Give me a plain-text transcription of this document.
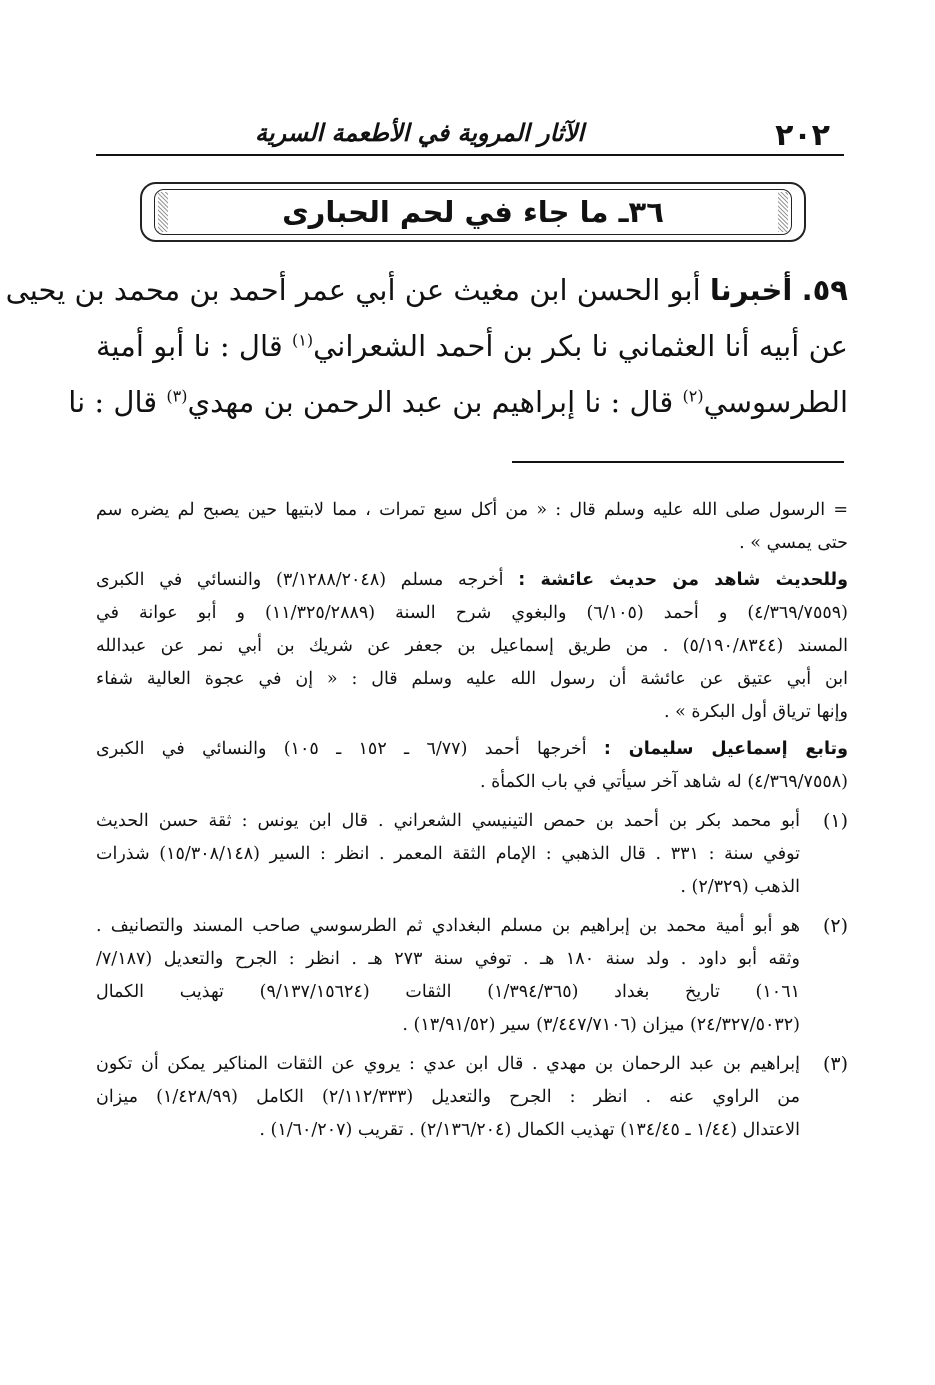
٢٠٢
الآثار المروية في الأطعمة السرية
٣٦ـ ما جاء في لحم الحبارى
٥٩. أخبرنا أبو الحسن ابن مغيث عن أبي عمر أحمد بن محمد بن يحيى
عن أبيه أنا العثماني نا بكر بن أحمد الشعراني$^{(١)}$ قال : نا أبو أمية
الطرسوسي$^{(٢)}$ قال : نا إبراهيم بن عبد الرحمن بن مهدي$^{(٣)}$ قال : نا
= الرسول صلى الله عليه وسلم قال : « من أكل سبع تمرات ، مما لابتيها حين يصبح لم يضره سم
حتى يمسي » .
وللحديث شاهد من حديث عائشة : أخرجه مسلم (٣/١٢٨٨/٢٠٤٨) والنسائي في الكبرى
(٤/٣٦٩/٧٥٥٩) و أحمد (٦/١٠٥) والبغوي شرح السنة (١١/٣٢٥/٢٨٨٩) و أبو عوانة في
المسند (٥/١٩٠/٨٣٤٤) . من طريق إسماعيل بن جعفر عن شريك بن أبي نمر عن عبدالله
ابن أبي عتيق عن عائشة أن رسول الله عليه وسلم قال : « إن في عجوة العالية شفاء
وإنها ترياق أول البكرة » .
وتابع إسماعيل سليمان : أخرجها أحمد (٦/٧٧ ـ ١٥٢ ـ ١٠٥) والنسائي في الكبرى
(٤/٣٦٩/٧٥٥٨) له شاهد آخر سيأتي في باب الكمأة .
(١)
أبو محمد بكر بن أحمد بن حمص التينيسي الشعراني . قال ابن يونس : ثقة حسن الحديث
توفي سنة : ٣٣١ . قال الذهبي : الإمام الثقة المعمر . انظر : السير (١٥/٣٠٨/١٤٨) شذرات
الذهب (٢/٣٢٩) .
(٢)
هو أبو أمية محمد بن إبراهيم بن مسلم البغدادي ثم الطرسوسي صاحب المسند والتصانيف .
وثقه أبو داود . ولد سنة ١٨٠ هـ . توفي سنة ٢٧٣ هـ . انظر : الجرح والتعديل (٧/١٨٧/
١٠٦١) تاريخ بغداد (١/٣٩٤/٣٦٥) الثقات (٩/١٣٧/١٥٦٢٤) تهذيب الكمال
(٢٤/٣٢٧/٥٠٣٢) ميزان (٣/٤٤٧/٧١٠٦) سير (١٣/٩١/٥٢) .
(٣)
إبراهيم بن عبد الرحمان بن مهدي . قال ابن عدي : يروي عن الثقات المناكير يمكن أن تكون
من الراوي عنه . انظر : الجرح والتعديل (٢/١١٢/٣٣٣) الكامل (١/٤٢٨/٩٩) ميزان
الاعتدال (١/٤٤ ـ ١٣٤/٤٥) تهذيب الكمال (٢/١٣٦/٢٠٤) . تقريب (١/٦٠/٢٠٧) .
